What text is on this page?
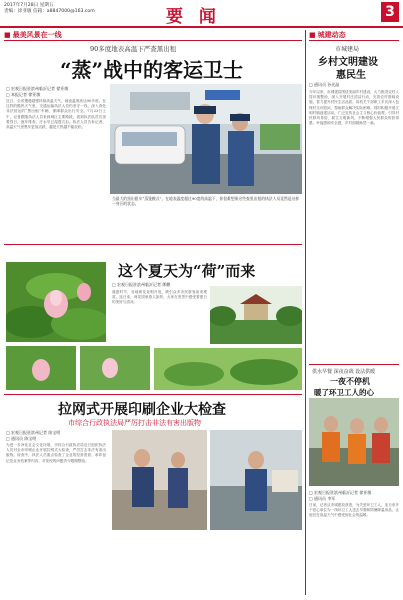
2017年7月28日 星期五
责编：徐亚敏 信箱：a8847000@163.com	要 闻	3
■ 最美风景在一线
90多度地表高温下严查黑出租
“蒸”战中的客运卫士
□ 宏观日报驻滨州临沂记者 徐亚敏
□ 本报记者 徐亚敏
近日，全省遭遇超强持续高温天气，地表温度高达90多度。在这样的酷热天气里，交通运输执法人员仍坚守一线，深入查处非法营运的“黑出租”车辆，保障群众出行安全。7月23日上午，记者跟随执法人员来到城区主要路段，看到执法队员们顶着烈日，逐车排查，汗水早已湿透衣衫。执法人员告诉记者，高温天气里黑车更加活跃，越是天热越不能放松。
当最大的黑出租车“蒸笼模式”，在地表温度超过90度的高温下，你很难想象这些查黑出租的执法人员竟然是这样一身汗的状态。
这个夏天为“荷”而来
□ 宏观日报驻滨州临沂记者 郎鹏
盛夏时节，各地荷花竞相开放，吸引众多市民游客前来观赏。连日来，荷花园里游人如织，大家在美景中感受着夏日的美好与清凉。
拉网式开展印刷企业大检查
市综合行政执法局严厉打击非法有害出版物
□ 宏观日报驻滨州记者 陈宝明
□ 通讯员 陈宝明
为进一步净化社会文化环境，市综合行政执法局近日组织执法人员对全市印刷企业开展拉网式大检查，严厉打击非法有害出版物。检查中，执法人员重点检查了企业的经营资质、承印登记及业务档案等内容，对发现的问题责令限期整改。
■ 城建动态
市城建局
乡村文明建设
惠民生
□ 通讯员 孙光晶
今年以来，市城建局围绕美丽乡村建设，大力推进农村人居环境整治，深入开展村庄清洁行动，完善农村基础设施，着力提升村民生活品质。局机关干部职工多次深入包保村走访慰问，帮助群众解决实际困难。同时积极开展文明村镇创建活动，广泛宣传社会主义核心价值观，引导村民移风易俗，树立文明新风，不断增强人民群众的获得感、幸福感和安全感，乡村面貌焕然一新。
供水早餐 深夜奋战 设法供暖
一夜不停机
暖了环卫工人的心
□ 宏观日报驻滨州临沂记者 徐亚敏
□ 通讯员 李军
日前，记者从市城建局获悉，为关爱环卫工人，连日来多个爱心单位为一线环卫工人送去早餐和防暑降温用品，让他们在高温天气中感受到社会的温暖。
